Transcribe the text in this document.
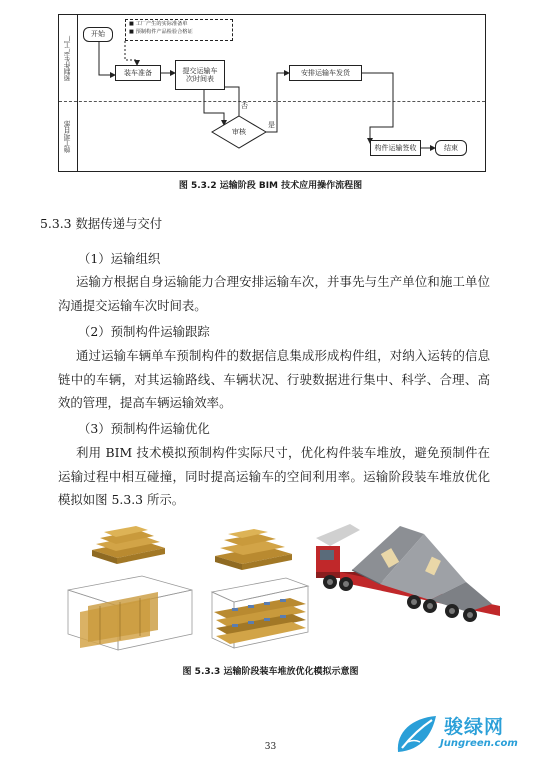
预制件生产工厂
施工项目部
开始
■ 工厂产生的实际准备单
■ 预制构件产品检验合格证
装车准备	提交运输车
次时间表
安排运输车发货
否
审核
是
构件运输签收	结束
图 5.3.2 运输阶段 BIM 技术应用操作流程图
5.3.3 数据传递与交付
（1）运输组织
运输方根据自身运输能力合理安排运输车次，并事先与生产单位和施工单位沟通提交运输车次时间表。
（2）预制构件运输跟踪
通过运输车辆单车预制构件的数据信息集成形成构件组，对纳入运转的信息链中的车辆，对其运输路线、车辆状况、行驶数据进行集中、科学、合理、高效的管理，提高车辆运输效率。
（3）预制构件运输优化
利用 BIM 技术模拟预制构件实际尺寸，优化构件装车堆放，避免预制件在运输过程中相互碰撞，同时提高运输车的空间利用率。运输阶段装车堆放优化模拟如图 5.3.3 所示。
图 5.3.3 运输阶段装车堆放优化模拟示意图
33
骏绿网
Jungreen.com
